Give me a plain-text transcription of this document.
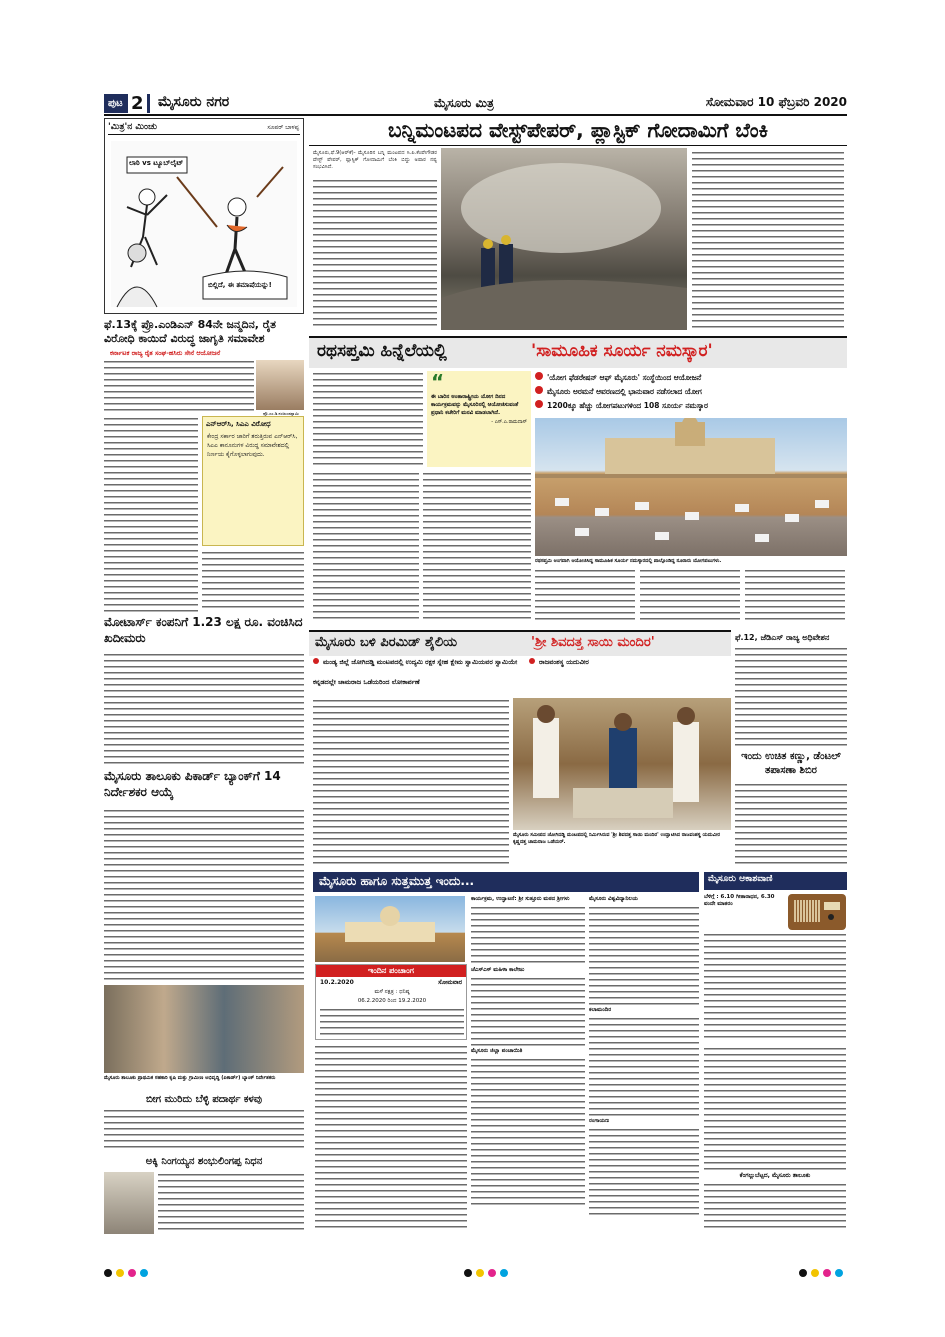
ಪುಟ 2 ಮೈಸೂರು ನಗರ	ಮೈಸೂರು ಮಿತ್ರ	ಸೋಮವಾರ 10 ಫೆಬ್ರವರಿ 2020
'ಮಿತ್ರ'ನ ಮಿಂಚು	ಸೂಪರ್ ಬಾಳಪ್ಪ
ಲಾಠಿ vs ಟ್ಯೂಬ್‌ಲೈಟ್
ಬಿಲ್ಲಿದೆ, ಈ ತಮಾಷೆಯನ್ನು!
ಫೆ.13ಕ್ಕೆ ಪ್ರೊ.ಎಂಡಿಎನ್ 84ನೇ ಜನ್ಮದಿನ, ರೈತ ವಿರೋಧಿ ಕಾಯಿದೆ ವಿರುದ್ಧ ಜಾಗೃತಿ ಸಮಾವೇಶ
ಕರ್ನಾಟಕ ರಾಜ್ಯ ರೈತ ಸಂಘ-ಹಸಿರು ಸೇನೆ ಆಯೋಜನೆ
ಪ್ರೊ.ಎಂ.ಡಿ.ನಂಜುಂಡಸ್ವಾಮಿ
ಎನ್‌ಆರ್‌ಸಿ, ಸಿಎಎ ವಿರೋಧ
ಕೇಂದ್ರ ಸರ್ಕಾರ ಜಾರಿಗೆ ತರುತ್ತಿರುವ ಎನ್‌ಆರ್‌ಸಿ, ಸಿಎಎ ಕಾನೂನುಗಳ ವಿರುದ್ಧ ಸಮಾವೇಶದಲ್ಲಿ ನಿರ್ಣಯ ಕೈಗೊಳ್ಳಲಾಗುವುದು.
ಮೋಟಾರ್ಸ್ ಕಂಪನಿಗೆ 1.23 ಲಕ್ಷ ರೂ. ವಂಚಿಸಿದ ಖದೀಮರು
ಮೈಸೂರು ತಾಲೂಕು ಪಿಕಾರ್ಡ್ ಬ್ಯಾಂಕ್‌ಗೆ 14 ನಿರ್ದೇಶಕರ ಆಯ್ಕೆ
ಮೈಸೂರು ತಾಲೂಕು ಪ್ರಾಥಮಿಕ ಸಹಕಾರಿ ಕೃಷಿ ಮತ್ತು ಗ್ರಾಮೀಣ ಅಭಿವೃದ್ಧಿ (ಪಿಕಾರ್ಡ್) ಬ್ಯಾಂಕ್ ನಿರ್ದೇಶಕರು
ಬೀಗ ಮುರಿದು ಬೆಳ್ಳಿ ಪದಾರ್ಥ ಕಳವು
ಅಕ್ಕಿ ನಿಂಗಯ್ಯನ ಶಂಭುಲಿಂಗಪ್ಪ ನಿಧನ
ಬನ್ನಿಮಂಟಪದ ವೇಸ್ಟ್‌ಪೇಪರ್, ಪ್ಲಾಸ್ಟಿಕ್ ಗೋದಾಮಿಗೆ ಬೆಂಕಿ
ಮೈಸೂರು,ಫೆ.9(ಆರ್‌ಕೆ)- ಮೈಸೂರಿನ ಬನ್ನಿ ಮಂಟಪದ ಸಿ.ಪಿ.ಕೆಂಪೇಗೌಡರ ವೇಸ್ಟ್ ಪೇಪರ್, ಪ್ಲಾಸ್ಟಿಕ್ ಗೋದಾಮಿಗೆ ಬೆಂಕಿ ಬಿದ್ದು ಅಪಾರ ನಷ್ಟ ಸಂಭವಿಸಿದೆ.
ರಥಸಪ್ತಮಿ ಹಿನ್ನೆಲೆಯಲ್ಲಿ	'ಸಾಮೂಹಿಕ ಸೂರ್ಯ ನಮಸ್ಕಾರ'
“
ಈ ಬಾರಿನ ಅಂತಾರಾಷ್ಟ್ರೀಯ ಯೋಗ ದಿನದ ಕಾರ್ಯಕ್ರಮವನ್ನು ಮೈಸೂರಿನಲ್ಲಿ ಆಯೋಜಿಸುವಂತೆ ಪ್ರಧಾನಿ ಕಚೇರಿಗೆ ಮನವಿ ಮಾಡಲಾಗಿದೆ.
- ಎಸ್.ಎ.ರಾಮದಾಸ್
'ಯೋಗ ಫೆಡರೇಷನ್ ಆಫ್ ಮೈಸೂರು' ಸಂಸ್ಥೆಯಿಂದ ಆಯೋಜನೆ
ಮೈಸೂರು ಅರಮನೆ ಆವರಣದಲ್ಲಿ ಭಾನುವಾರ ನಡೆಸಲಾದ ಯೋಗ
1200ಕ್ಕೂ ಹೆಚ್ಚು ಯೋಗಪಟುಗಳಿಂದ 108 ಸೂರ್ಯ ನಮಸ್ಕಾರ
ರಥಸಪ್ತಮಿ ಅಂಗವಾಗಿ ಆಯೋಜಿಸಿದ್ದ ಸಾಮೂಹಿಕ ಸೂರ್ಯ ನಮಸ್ಕಾರದಲ್ಲಿ ಪಾಲ್ಗೊಂಡಿದ್ದ ನೂರಾರು ಯೋಗಪಟುಗಳು.
ಮೈಸೂರು ಬಳಿ ಪಿರಮಿಡ್ ಶೈಲಿಯ	'ಶ್ರೀ ಶಿವದತ್ತ ಸಾಯಿ ಮಂದಿರ'
ಮಂಡ್ಯ ಜಿಲ್ಲೆ ಜೋಗಿದಡ್ಡಿ ಮಂಟಪದಲ್ಲಿ ಉದ್ಯಮಿ ರಕ್ಷಕ ಸ್ನೇಹ ಕ್ಷೇಮ ಸ್ವಾಮಿಯವರ ಸ್ವಾಮಿಯೇ
ಕನ್ನಡದಲ್ಲೇ ಚಾಮರಾಜ ಒಡೆಯರಿಂದ ಲೋಕಾರ್ಪಣೆ
ರಾಜವಂಶಸ್ಥ ಯದುವೀರ
ಮೈಸೂರು ಸಮೀಪದ ಜೋಗಿದಡ್ಡಿ ಮಂಟಪದಲ್ಲಿ ನಿರ್ಮಿಸಿರುವ 'ಶ್ರೀ ಶಿವದತ್ತ ಸಾಯಿ ಮಂದಿರ' ಉದ್ಘಾಟಿಸಿದ ರಾಜವಂಶಸ್ಥ ಯದುವೀರ ಕೃಷ್ಣದತ್ತ ಚಾಮರಾಜ ಒಡೆಯರ್.
ಫೆ.12, ಜೆಡಿಎಸ್ ರಾಜ್ಯ ಅಧಿವೇಶನ
ಇಂದು ಉಚಿತ ಕಣ್ಣು, ಡೆಂಟಲ್ ತಪಾಸಣಾ ಶಿಬಿರ
ಮೈಸೂರು ಹಾಗೂ ಸುತ್ತಮುತ್ತ ಇಂದು...
ಇಂದಿನ ಪಂಚಾಂಗ
10.2.2020	ಸೋಮವಾರ
ಮಳೆ ನಕ್ಷತ್ರ : ಧನಿಷ್ಠ
06.2.2020 ರಿಂದ 19.2.2020
ಕಾರ್ಯಕ್ರಮ, ಉದ್ಘಾಟನೆ: ಶ್ರೀ ಸುತ್ತೂರು ಮಠದ ಶ್ರೀಗಳು
ಜೆಎಸ್‌ಎಸ್ ಮಹಿಳಾ ಕಾಲೇಜು
ಮೈಸೂರು ಜಿಲ್ಲಾ ಪಂಚಾಯಿತಿ
ಮೈಸೂರು ವಿಶ್ವವಿದ್ಯಾನಿಲಯ
ಕಲಾಮಂದಿರ
ರಂಗಾಯಣ
ಮೈಸೂರು ಆಕಾಶವಾಣಿ
ಬೆಳಿಗ್ಗೆ : 6.10 ಗೀತಾರಾಧನ, 6.30 ವಂದೇ ಮಾತರಂ
ಕೆಂಗಲ್ಲುಬೆಟ್ಟದ, ಮೈಸೂರು ತಾಲೂಕು
